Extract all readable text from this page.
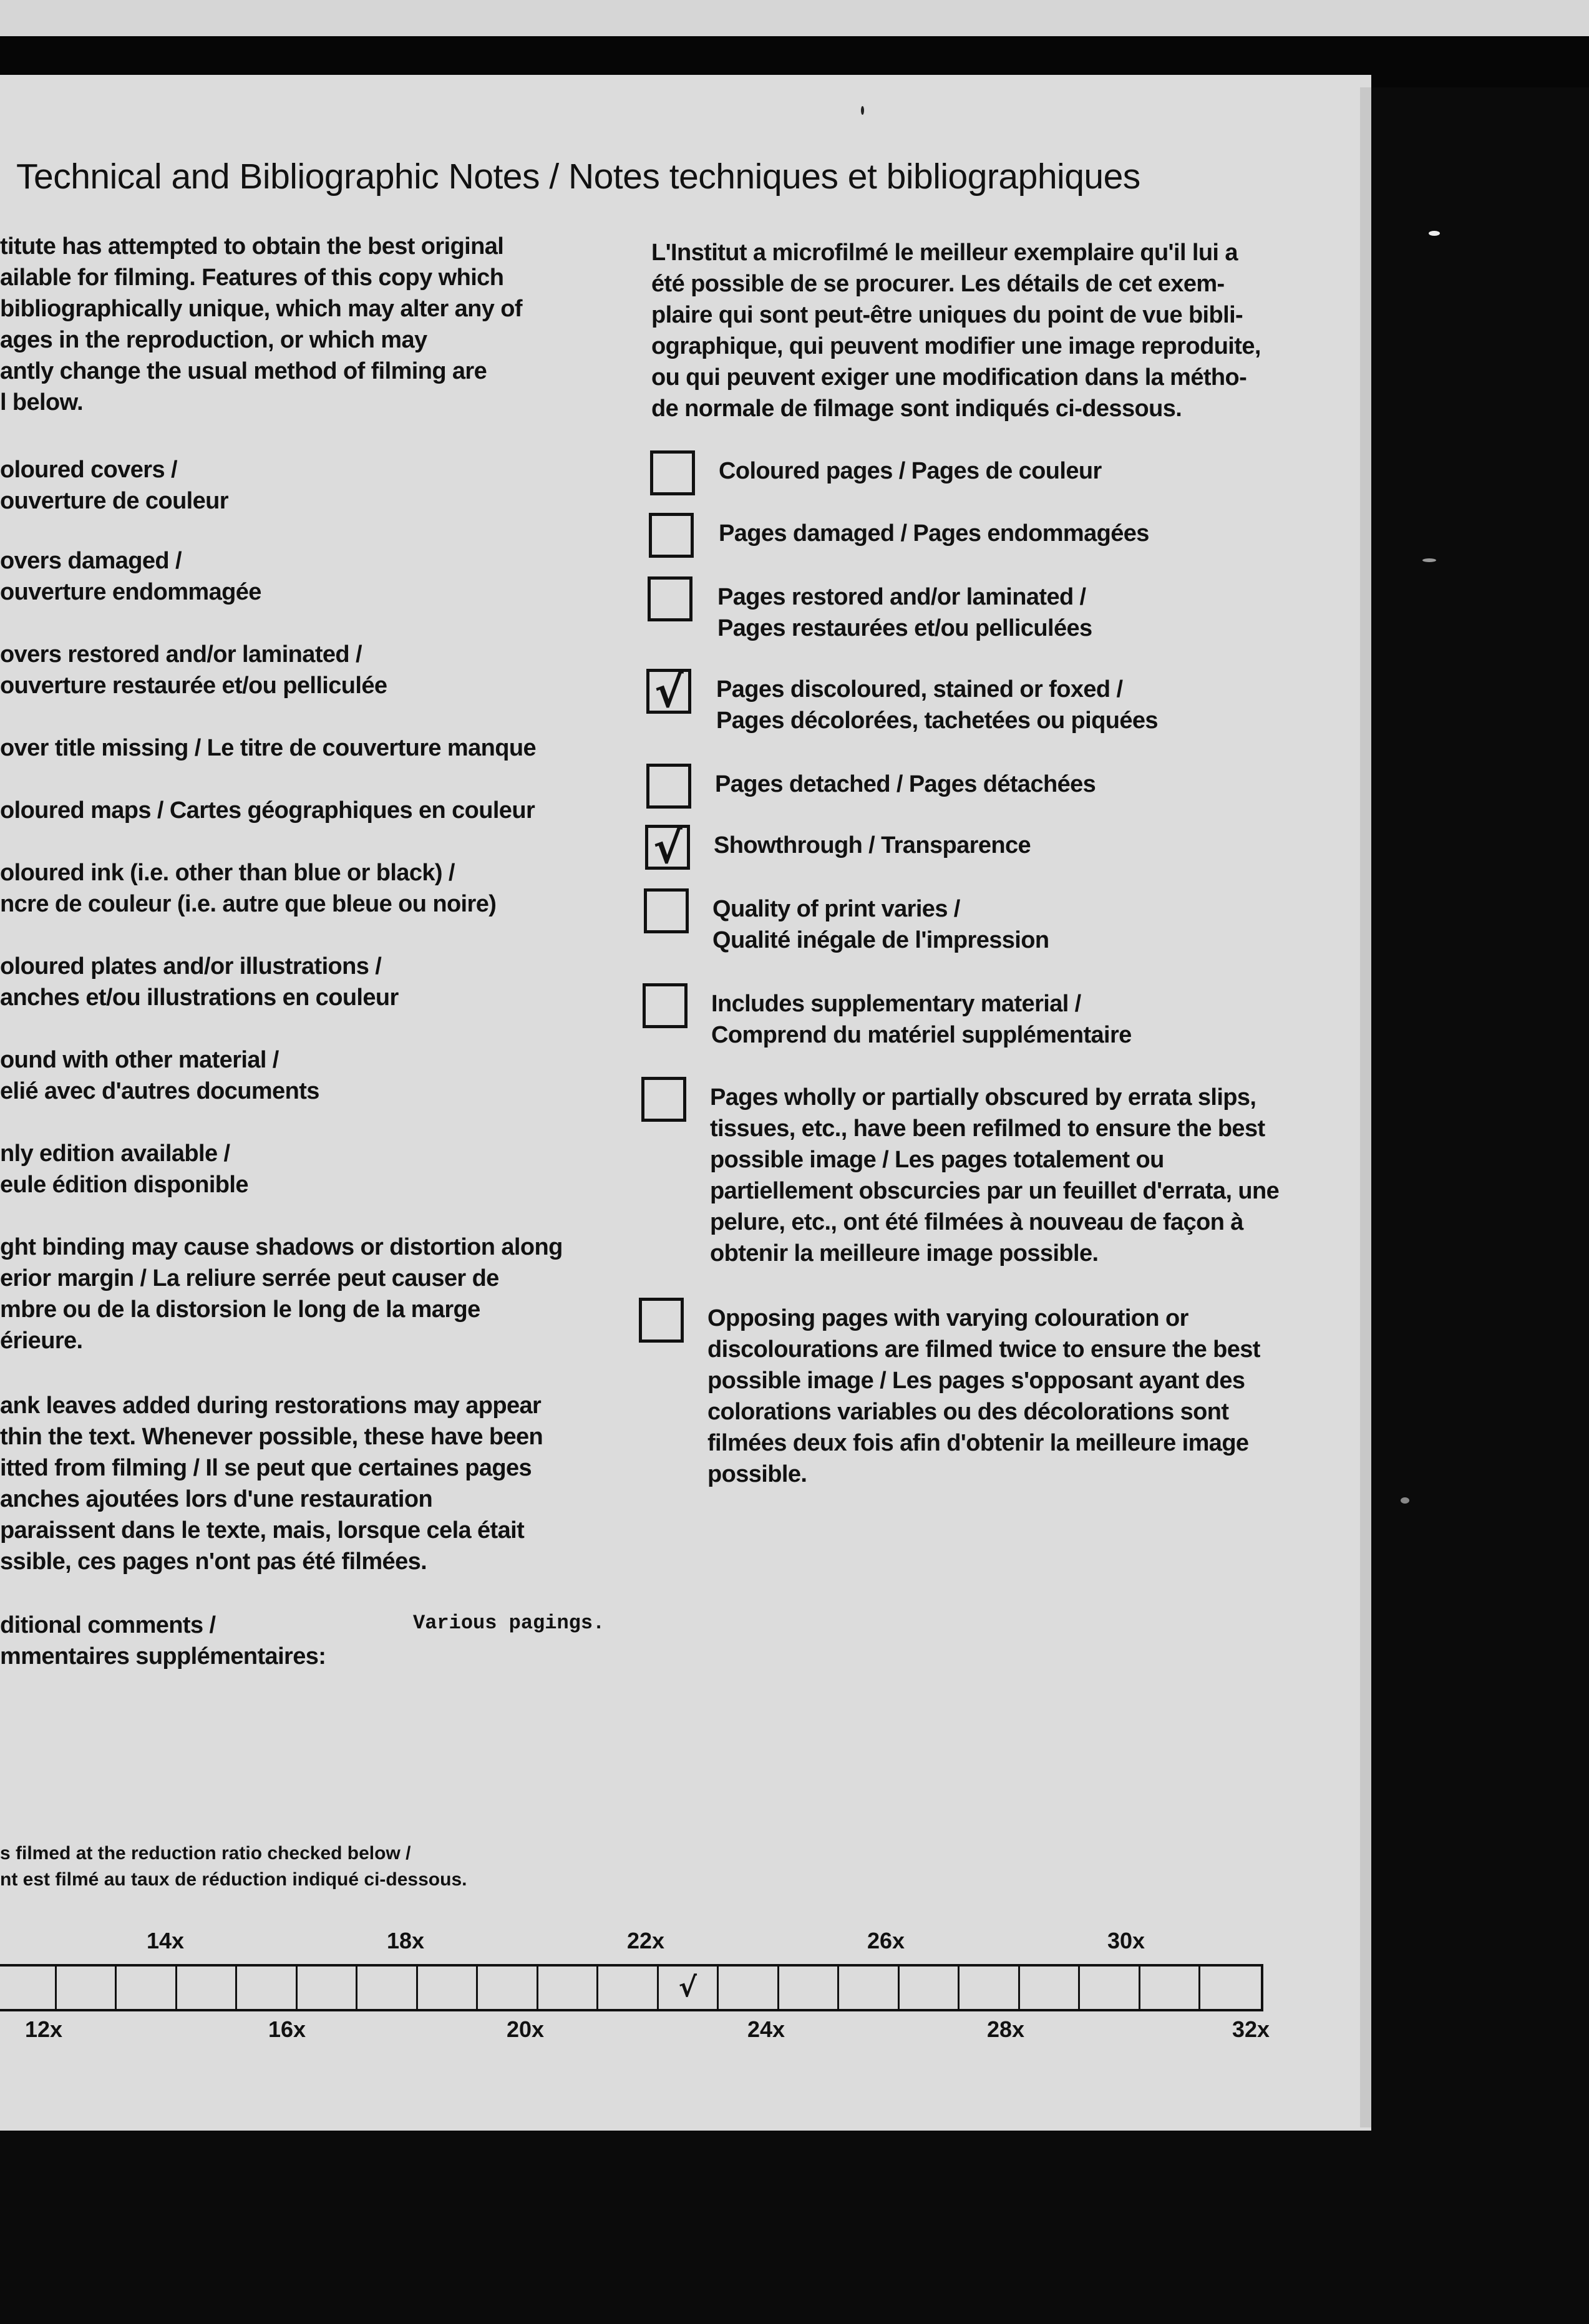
Technical and Bibliographic Notes / Notes techniques et bibliographiques
titute has attempted to obtain the best original
ailable for filming. Features of this copy which
bibliographically unique, which may alter any of
ages in the reproduction, or which may
antly change the usual method of filming are
l below.
L'Institut a microfilmé le meilleur exemplaire qu'il lui a
été possible de se procurer. Les détails de cet exem-
plaire qui sont peut-être uniques du point de vue bibli-
ographique, qui peuvent modifier une image reproduite,
ou qui peuvent exiger une modification dans la métho-
de normale de filmage sont indiqués ci-dessous.
oloured covers /
ouverture de couleur
overs damaged /
ouverture endommagée
overs restored and/or laminated /
ouverture restaurée et/ou pelliculée
over title missing / Le titre de couverture manque
oloured maps / Cartes géographiques en couleur
oloured ink (i.e. other than blue or black) /
ncre de couleur (i.e. autre que bleue ou noire)
oloured plates and/or illustrations /
anches et/ou illustrations en couleur
ound with other material /
elié avec d'autres documents
nly edition available /
eule édition disponible
ght binding may cause shadows or distortion along
erior margin / La reliure serrée peut causer de
mbre ou de la distorsion le long de la marge
érieure.
ank leaves added during restorations may appear
thin the text. Whenever possible, these have been
itted from filming / Il se peut que certaines pages
anches ajoutées lors d'une restauration
paraissent dans le texte, mais, lorsque cela était
ssible, ces pages n'ont pas été filmées.
ditional comments /
mmentaires supplémentaires:
Various pagings.
Coloured pages / Pages de couleur
Pages damaged / Pages endommagées
Pages restored and/or laminated /
Pages restaurées et/ou pelliculées
√ Pages discoloured, stained or foxed /
Pages décolorées, tachetées ou piquées
Pages detached / Pages détachées
√ Showthrough / Transparence
Quality of print varies /
Qualité inégale de l'impression
Includes supplementary material /
Comprend du matériel supplémentaire
Pages wholly or partially obscured by errata slips,
tissues, etc., have been refilmed to ensure the best
possible image / Les pages totalement ou
partiellement obscurcies par un feuillet d'errata, une
pelure, etc., ont été filmées à nouveau de façon à
obtenir la meilleure image possible.
Opposing pages with varying colouration or
discolourations are filmed twice to ensure the best
possible image / Les pages s'opposant ayant des
colorations variables ou des décolorations sont
filmées deux fois afin d'obtenir la meilleure image
possible.
s filmed at the reduction ratio checked below /
nt est filmé au taux de réduction indiqué ci-dessous.
√
14x	18x	22x	26x	30x
12x	16x	20x	24x	28x	32x
